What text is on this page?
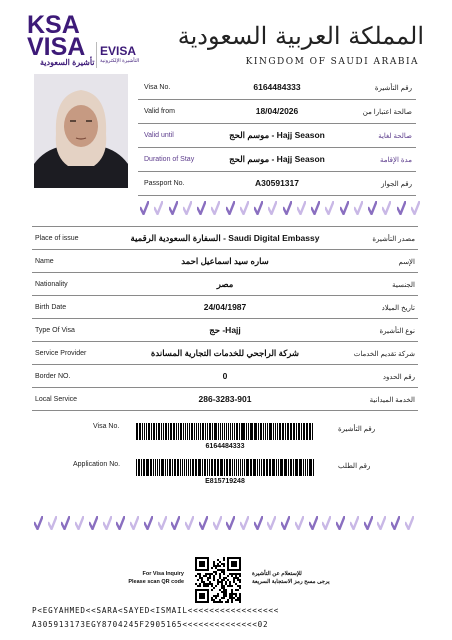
KSA
VISA
تأشيرة السعودية
EVISA
التأشيرة الإلكترونية
المملكة العربية السعودية
KINGDOM OF SAUDI ARABIA
Visa No.	6164484333	رقم التأشيرة
Valid from	18/04/2026	صالحة اعتبارا من
Valid until	موسم الحج - Hajj Season	صالحة لغاية
Duration of Stay	موسم الحج - Hajj Season	مدة الإقامة
Passport No.	A30591317	رقم الجواز
Place of issue	السفارة السعودية الرقمية - Saudi Digital Embassy	مصدر التأشيرة
Name	ساره سيد اسماعيل احمد	الإسم
Nationality	مصر	الجنسية
Birth Date	24/04/1987	تاريخ الميلاد
Type Of Visa	حج -Hajj	نوع التأشيرة
Service Provider	شركة الراجحي للخدمات التجارية المساندة	شركة تقديم الخدمات
Border NO.	0	رقم الحدود
Local Service	286-3283-901	الخدمة الميدانية
Visa No.	رقم التأشيرة
6164484333
Application No.	رقم الطلب
E815719248
For Visa Inquiry
Please scan QR code
للإستعلام عن التأشيرة
يرجى مسح رمز الاستجابة السريعة
P<EGYAHMED<<SARA<SAYED<ISMAIL<<<<<<<<<<<<<<<<<
A305913173EGY8704245F2905165<<<<<<<<<<<<<<02
